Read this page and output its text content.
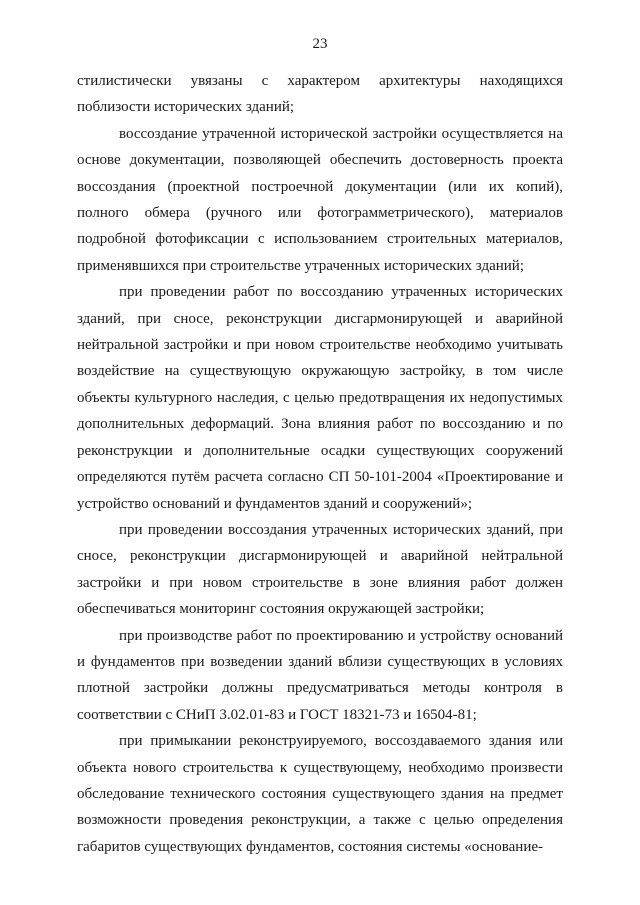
23

стилистически увязаны с характером архитектуры находящихся поблизости исторических зданий;

воссоздание утраченной исторической застройки осуществляется на основе документации, позволяющей обеспечить достоверность проекта воссоздания (проектной построечной документации (или их копий), полного обмера (ручного или фотограмметрического), материалов подробной фотофиксации с использованием строительных материалов, применявшихся при строительстве утраченных исторических зданий;

при проведении работ по воссозданию утраченных исторических зданий, при сносе, реконструкции дисгармонирующей и аварийной нейтральной застройки и при новом строительстве необходимо учитывать воздействие на существующую окружающую застройку, в том числе объекты культурного наследия, с целью предотвращения их недопустимых дополнительных деформаций. Зона влияния работ по воссозданию и по реконструкции и дополнительные осадки существующих сооружений определяются путём расчета согласно СП 50-101-2004 «Проектирование и устройство оснований и фундаментов зданий и сооружений»;

при проведении воссоздания утраченных исторических зданий, при сносе, реконструкции дисгармонирующей и аварийной нейтральной застройки и при новом строительстве в зоне влияния работ должен обеспечиваться мониторинг состояния окружающей застройки;

при производстве работ по проектированию и устройству оснований и фундаментов при возведении зданий вблизи существующих в условиях плотной застройки должны предусматриваться методы контроля в соответствии с СНиП 3.02.01-83 и ГОСТ 18321-73 и 16504-81;

при примыкании реконструируемого, воссоздаваемого здания или объекта нового строительства к существующему, необходимо произвести обследование технического состояния существующего здания на предмет возможности проведения реконструкции, а также с целью определения габаритов существующих фундаментов, состояния системы «основание-
